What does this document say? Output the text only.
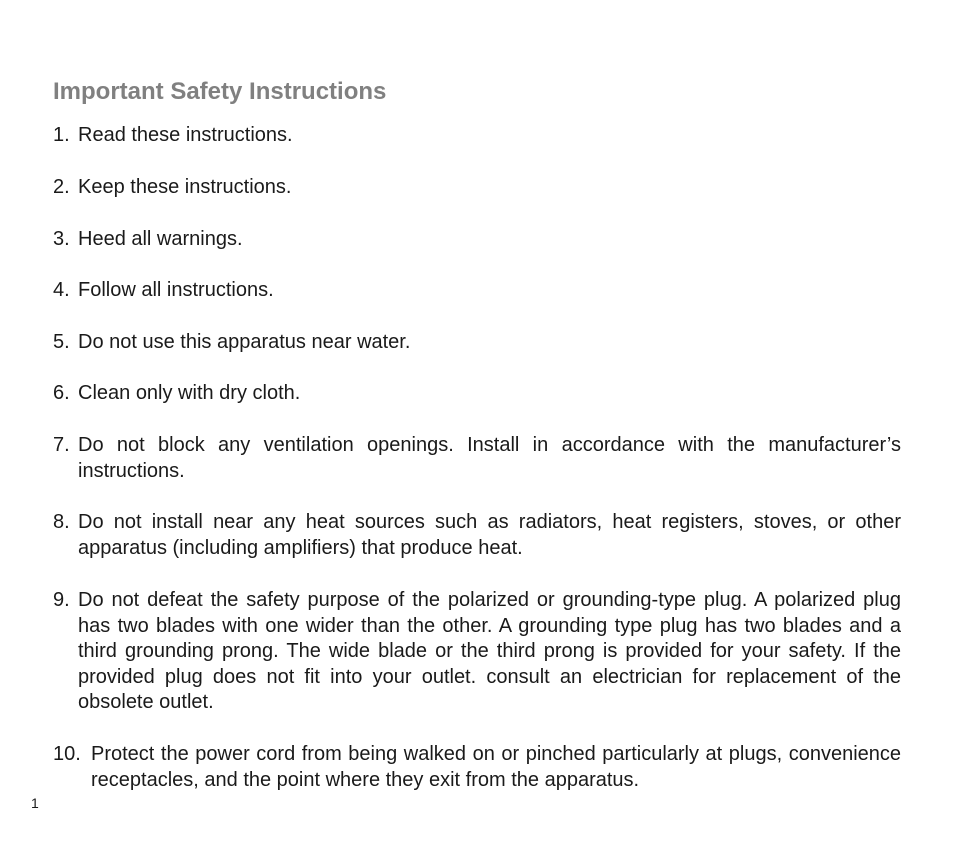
Important Safety Instructions
1. Read these instructions.
2. Keep these instructions.
3. Heed all warnings.
4. Follow all instructions.
5. Do not use this apparatus near water.
6. Clean only with dry cloth.
7. Do not block any ventilation openings. Install in accordance with the manufacturer’s instructions.
8. Do not install near any heat sources such as radiators, heat registers, stoves, or other apparatus (including amplifiers) that produce heat.
9. Do not defeat the safety purpose of the polarized or grounding-type plug. A polarized plug has two blades with one wider than the other. A grounding type plug has two blades and a third grounding prong. The wide blade or the third prong is provided for your safety. If the provided plug does not fit into your outlet. consult an electrician for replacement of the obsolete outlet.
10. Protect the power cord from being walked on or pinched particularly at plugs, convenience receptacles, and the point where they exit from the apparatus.
1
